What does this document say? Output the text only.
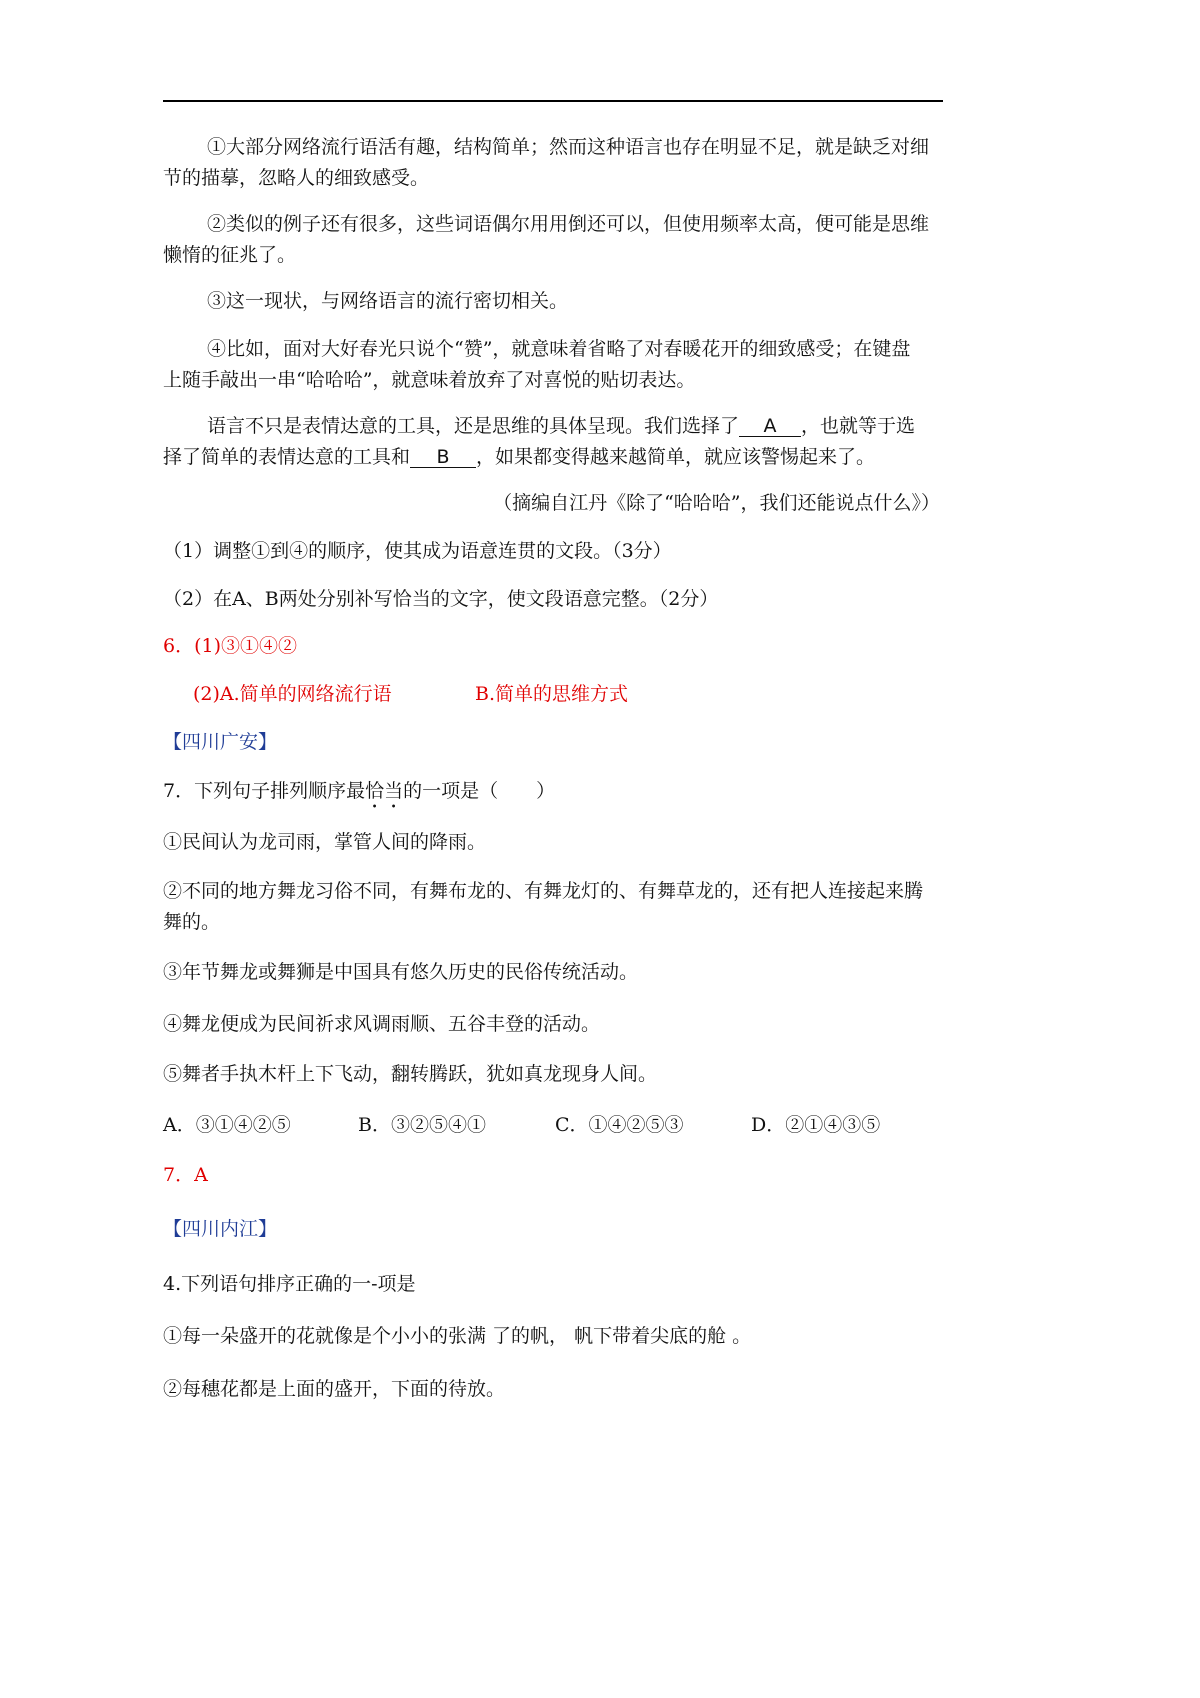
①大部分网络流行语活有趣，结构简单；然而这种语言也存在明显不足，就是缺乏对细
节的描摹，忽略人的细致感受。
②类似的例子还有很多，这些词语偶尔用用倒还可以，但使用频率太高，便可能是思维
懒惰的征兆了。
③这一现状，与网络语言的流行密切相关。
④比如，面对大好春光只说个“赞”，就意味着省略了对春暖花开的细致感受；在键盘
上随手敲出一串“哈哈哈”，就意味着放弃了对喜悦的贴切表达。
语言不只是表情达意的工具，还是思维的具体呈现。我们选择了 A ，也就等于选
择了简单的表情达意的工具和 B ，如果都变得越来越简单，就应该警惕起来了。
（摘编自江丹《除了“哈哈哈”，我们还能说点什么》）
（1）调整①到④的顺序，使其成为语意连贯的文段。（3分）
（2）在A、B两处分别补写恰当的文字，使文段语意完整。（2分）
6．(1)③①④②
(2)A.简单的网络流行语	B.简单的思维方式
【四川广安】
7．下列句子排列顺序最恰当的一项是（　　）
①民间认为龙司雨，掌管人间的降雨。
②不同的地方舞龙习俗不同，有舞布龙的、有舞龙灯的、有舞草龙的，还有把人连接起来腾
舞的。
③年节舞龙或舞狮是中国具有悠久历史的民俗传统活动。
④舞龙便成为民间祈求风调雨顺、五谷丰登的活动。
⑤舞者手执木杆上下飞动，翻转腾跃，犹如真龙现身人间。
A．③①④②⑤	B．③②⑤④①	C．①④②⑤③	D．②①④③⑤
7．A
【四川内江】
4.下列语句排序正确的一-项是
①每一朵盛开的花就像是个小小的张满 了的帆， 帆下带着尖底的舱 。
②每穗花都是上面的盛开，下面的待放。
